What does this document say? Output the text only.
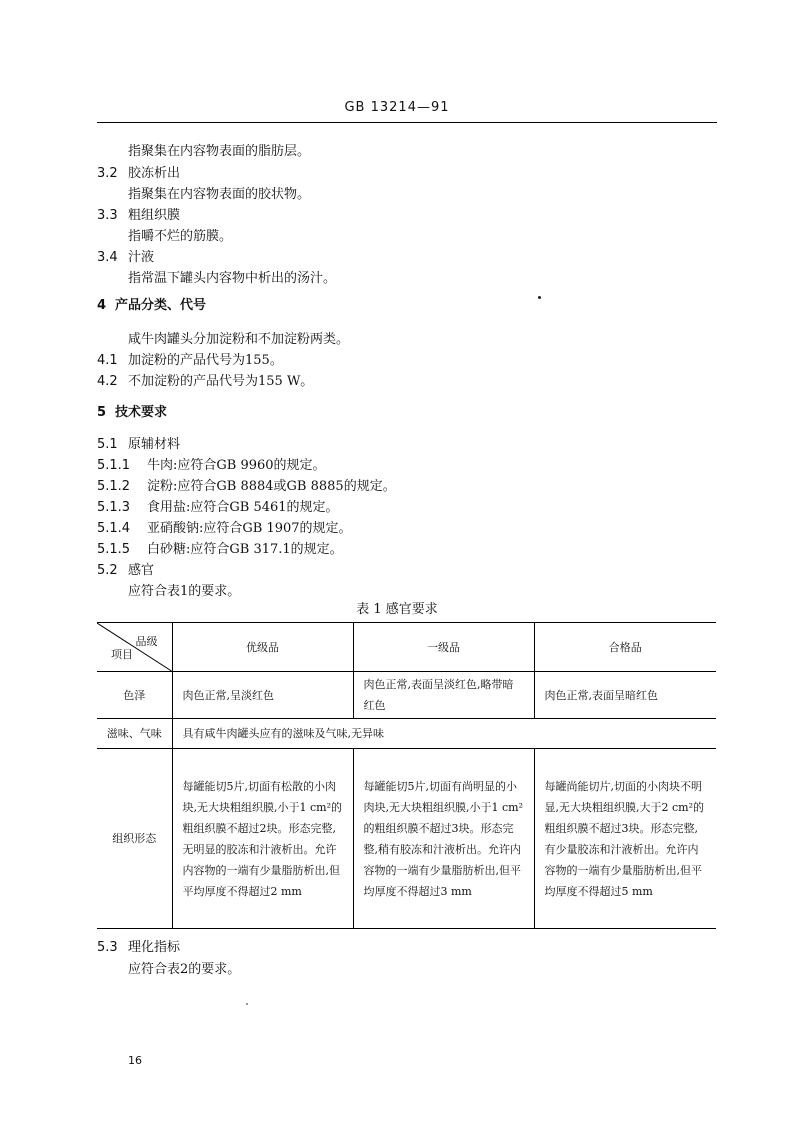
GB 13214—91
指聚集在内容物表面的脂肪层。
3.2 胶冻析出
指聚集在内容物表面的胶状物。
3.3 粗组织膜
指嚼不烂的筋膜。
3.4 汁液
指常温下罐头内容物中析出的汤汁。
4 产品分类、代号
咸牛肉罐头分加淀粉和不加淀粉两类。
4.1 加淀粉的产品代号为155。
4.2 不加淀粉的产品代号为155 W。
5 技术要求
5.1 原辅材料
5.1.1 牛肉:应符合GB 9960的规定。
5.1.2 淀粉:应符合GB 8884或GB 8885的规定。
5.1.3 食用盐:应符合GB 5461的规定。
5.1.4 亚硝酸钠:应符合GB 1907的规定。
5.1.5 白砂糖:应符合GB 317.1的规定。
5.2 感官
应符合表1的要求。
表 1 感官要求
品级
项目	优级品	一级品	合格品
色泽	肉色正常,呈淡红色	肉色正常,表面呈淡红色,略带暗红色	肉色正常,表面呈暗红色
滋味、气味	具有咸牛肉罐头应有的滋味及气味,无异味		
组织形态	每罐能切5片,切面有松散的小肉块,无大块粗组织膜,小于1 cm²的粗组织膜不超过2块。形态完整,无明显的胶冻和汁液析出。允许内容物的一端有少量脂肪析出,但平均厚度不得超过2 mm	每罐能切5片,切面有尚明显的小肉块,无大块粗组织膜,小于1 cm²的粗组织膜不超过3块。形态完整,稍有胶冻和汁液析出。允许内容物的一端有少量脂肪析出,但平均厚度不得超过3 mm	每罐尚能切片,切面的小肉块不明显,无大块粗组织膜,大于2 cm²的粗组织膜不超过3块。形态完整,有少量胶冻和汁液析出。允许内容物的一端有少量脂肪析出,但平均厚度不得超过5 mm
5.3 理化指标
应符合表2的要求。
16
